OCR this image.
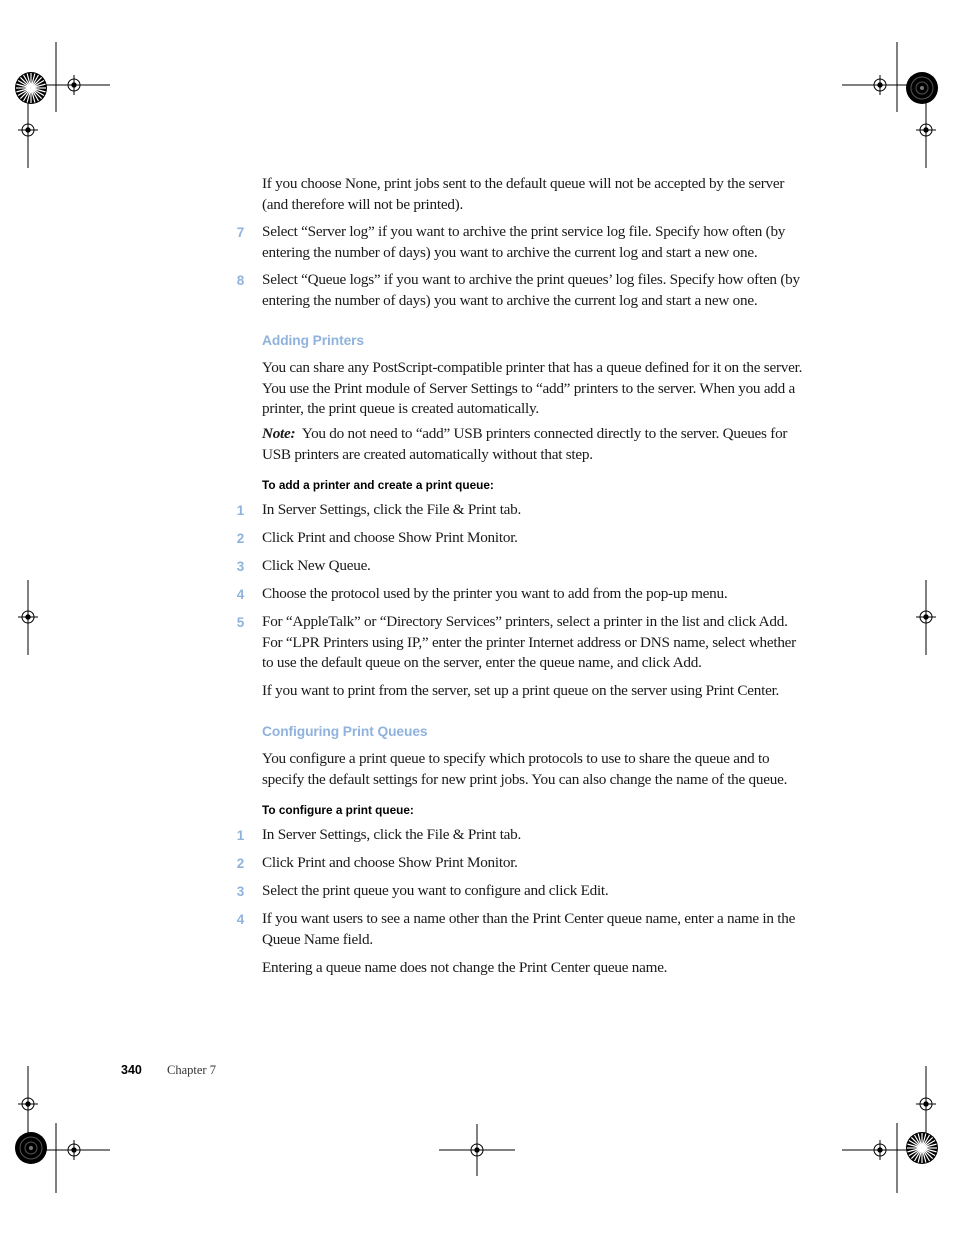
If you choose None, print jobs sent to the default queue will not be accepted by the server (and therefore will not be printed).
7 Select “Server log” if you want to archive the print service log file. Specify how often (by entering the number of days) you want to archive the current log and start a new one.
8 Select “Queue logs” if you want to archive the print queues’ log files. Specify how often (by entering the number of days) you want to archive the current log and start a new one.
Adding Printers
You can share any PostScript-compatible printer that has a queue defined for it on the server. You use the Print module of Server Settings to “add” printers to the server. When you add a printer, the print queue is created automatically.
Note: You do not need to “add” USB printers connected directly to the server. Queues for USB printers are created automatically without that step.
To add a printer and create a print queue:
1 In Server Settings, click the File & Print tab.
2 Click Print and choose Show Print Monitor.
3 Click New Queue.
4 Choose the protocol used by the printer you want to add from the pop-up menu.
5 For “AppleTalk” or “Directory Services” printers, select a printer in the list and click Add. For “LPR Printers using IP,” enter the printer Internet address or DNS name, select whether to use the default queue on the server, enter the queue name, and click Add.
If you want to print from the server, set up a print queue on the server using Print Center.
Configuring Print Queues
You configure a print queue to specify which protocols to use to share the queue and to specify the default settings for new print jobs. You can also change the name of the queue.
To configure a print queue:
1 In Server Settings, click the File & Print tab.
2 Click Print and choose Show Print Monitor.
3 Select the print queue you want to configure and click Edit.
4 If you want users to see a name other than the Print Center queue name, enter a name in the Queue Name field.
Entering a queue name does not change the Print Center queue name.
340 Chapter 7
